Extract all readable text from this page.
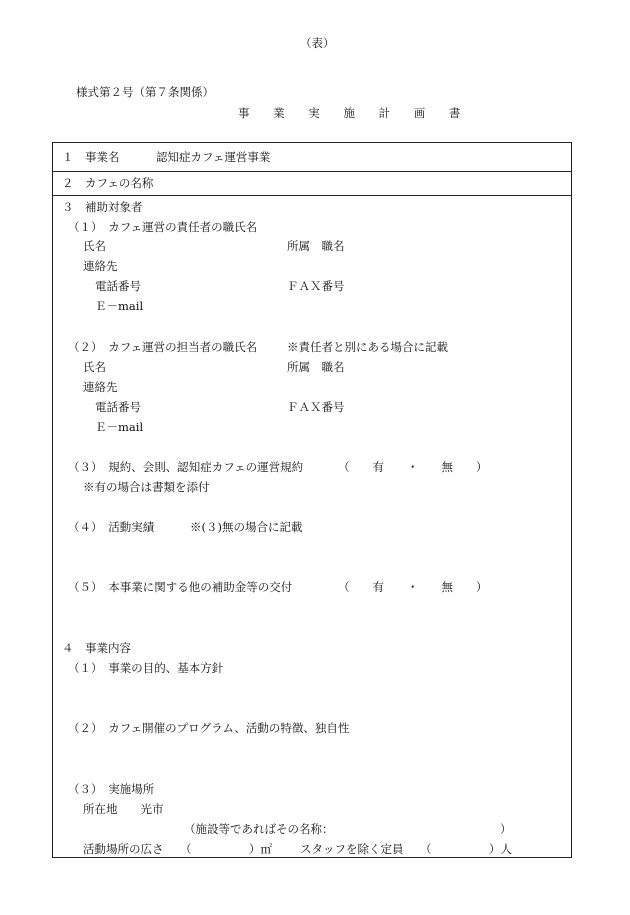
（表）
様式第２号（第７条関係）
事 業 実 施 計 画 書
１　事業名	認知症カフェ運営事業
２　カフェの名称
３　補助対象者
（１）　カフェ運営の責任者の職氏名
氏名	所属　職名
連絡先
電話番号	ＦＡＸ番号
Ｅ－mail
（２）　カフェ運営の担当者の職氏名	※責任者と別にある場合に記載
氏名	所属　職名
連絡先
電話番号	ＦＡＸ番号
Ｅ－mail
（３）　規約、会則、認知症カフェの運営規約	（　　有　　・　　無　　）
※有の場合は書類を添付
（４）　活動実績	※(３)無の場合に記載
（５）　本事業に関する他の補助金等の交付	（　　有　　・　　無　　）
４　事業内容
（１）　事業の目的、基本方針
（２）　カフェ開催のプログラム、活動の特徴、独自性
（３）　実施場所
所在地　　光市
（施設等であればその名称：	）
活動場所の広さ （　　　　　）㎡ スタッフを除く定員 （　　　　　）人
